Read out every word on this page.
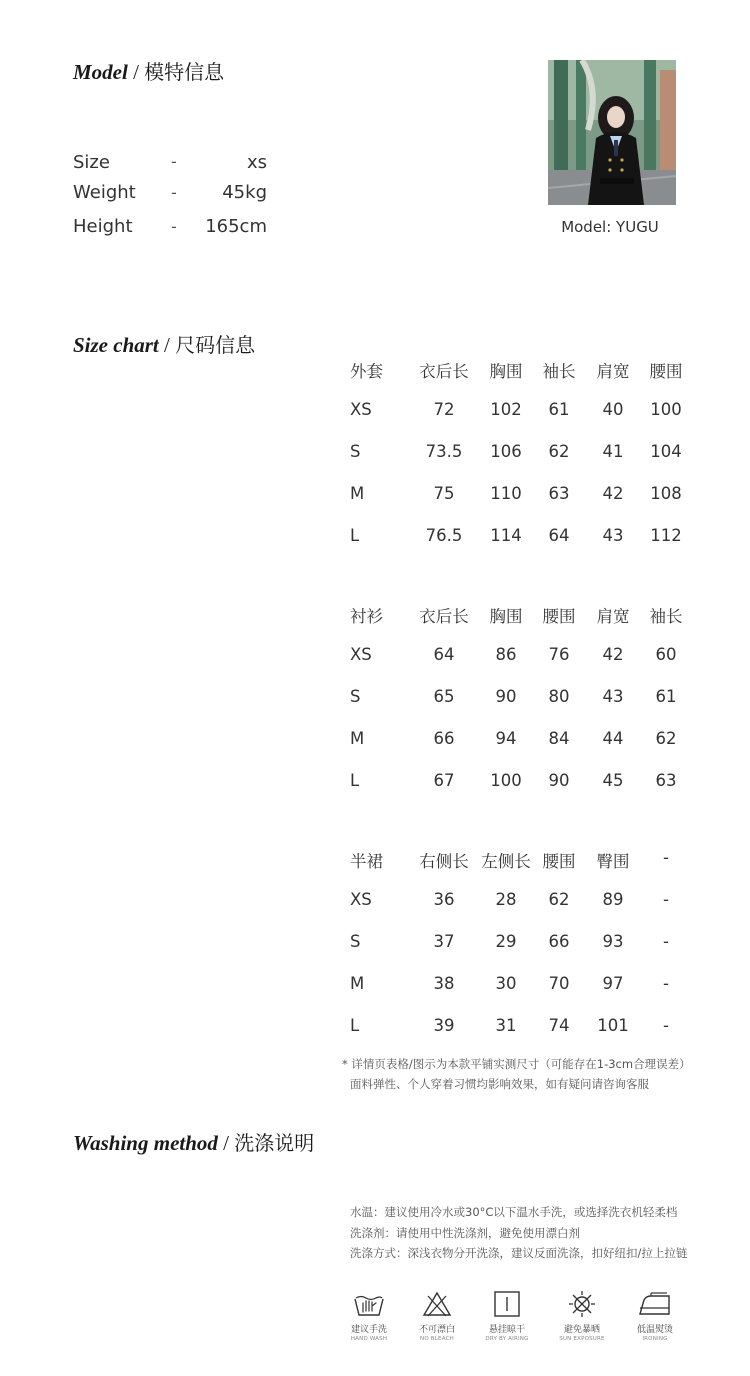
Model / 模特信息
Size	-	xs
Weight -	45kg
Height - 165cm	Model: YUGU
Size chart / 尺码信息
外套 衣后长 胸围 袖长 肩宽 腰围
XS	72 102 61 40 100
S	73.5 106 62 41 104
M	75 110 63 42 108
L	76.5 114 64 43 112
衬衫 衣后长 胸围 腰围 肩宽 袖长
XS	64 86 76 42 60
S	65 90 80 43 61
M	66 94 84 44 62
L	67 100 90 45 63
半裙 右侧长 左侧长 腰围 臀围 -
XS	36 28 62 89 -
S	37 29 66 93 -
M	38 30 70 97 -
L	39 31 74 101 -
* 详情页表格/图示为本款平铺实测尺寸（可能存在1-3cm合理误差）
面料弹性、个人穿着习惯均影响效果，如有疑问请咨询客服
Washing method / 洗涤说明
水温：建议使用冷水或30°C以下温水手洗，或选择洗衣机轻柔档
洗涤剂：请使用中性洗涤剂，避免使用漂白剂
洗涤方式：深浅衣物分开洗涤，建议反面洗涤，扣好纽扣/拉上拉链
建议手洗
HAND WASH
不可漂白
NO BLEACH
悬挂晾干
DRY BY AIRING
避免暴晒
SUN EXPOSURE
低温熨烫
IRONING
